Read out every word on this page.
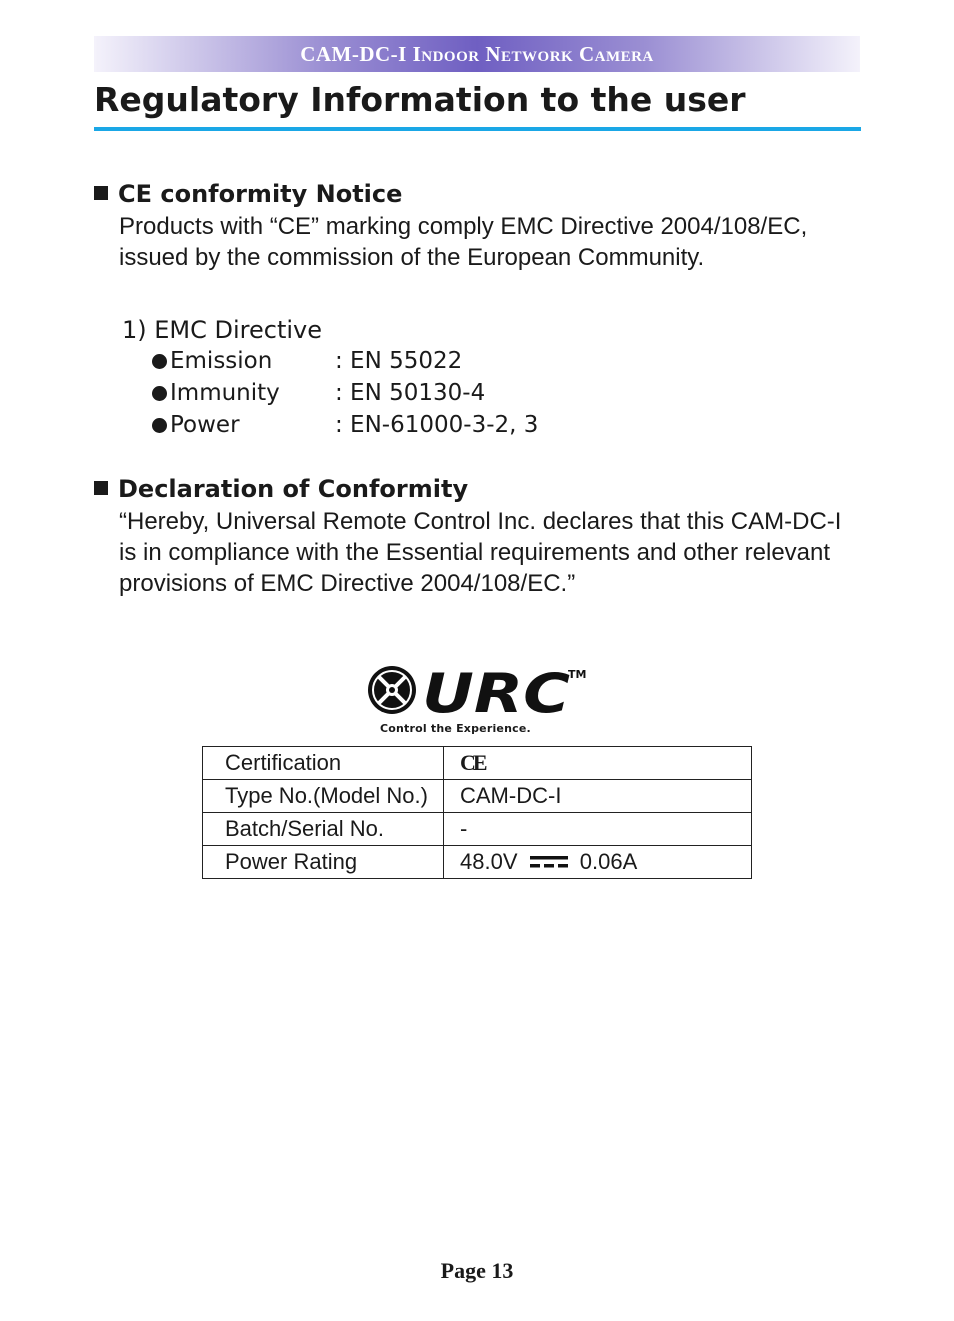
CAM-DC-I Indoor Network Camera
Regulatory Information to the user
CE conformity Notice

Products with “CE” marking comply EMC Directive 2004/108/EC, issued by the commission of the European Community.

1) EMC Directive
Emission	: EN 55022
Immunity	: EN 50130-4
Power	: EN-61000-3-2, 3
Declaration of Conformity

“Hereby, Universal Remote Control Inc. declares that this CAM-DC-I is in compliance with the Essential requirements and other relevant provisions of EMC Directive 2004/108/EC.”

URC
TM
Control the Experience.
Certification	CE
Type No.(Model No.)	CAM-DC-I
Batch/Serial No.	-
Power Rating	48.0V 0.06A
Page 13
